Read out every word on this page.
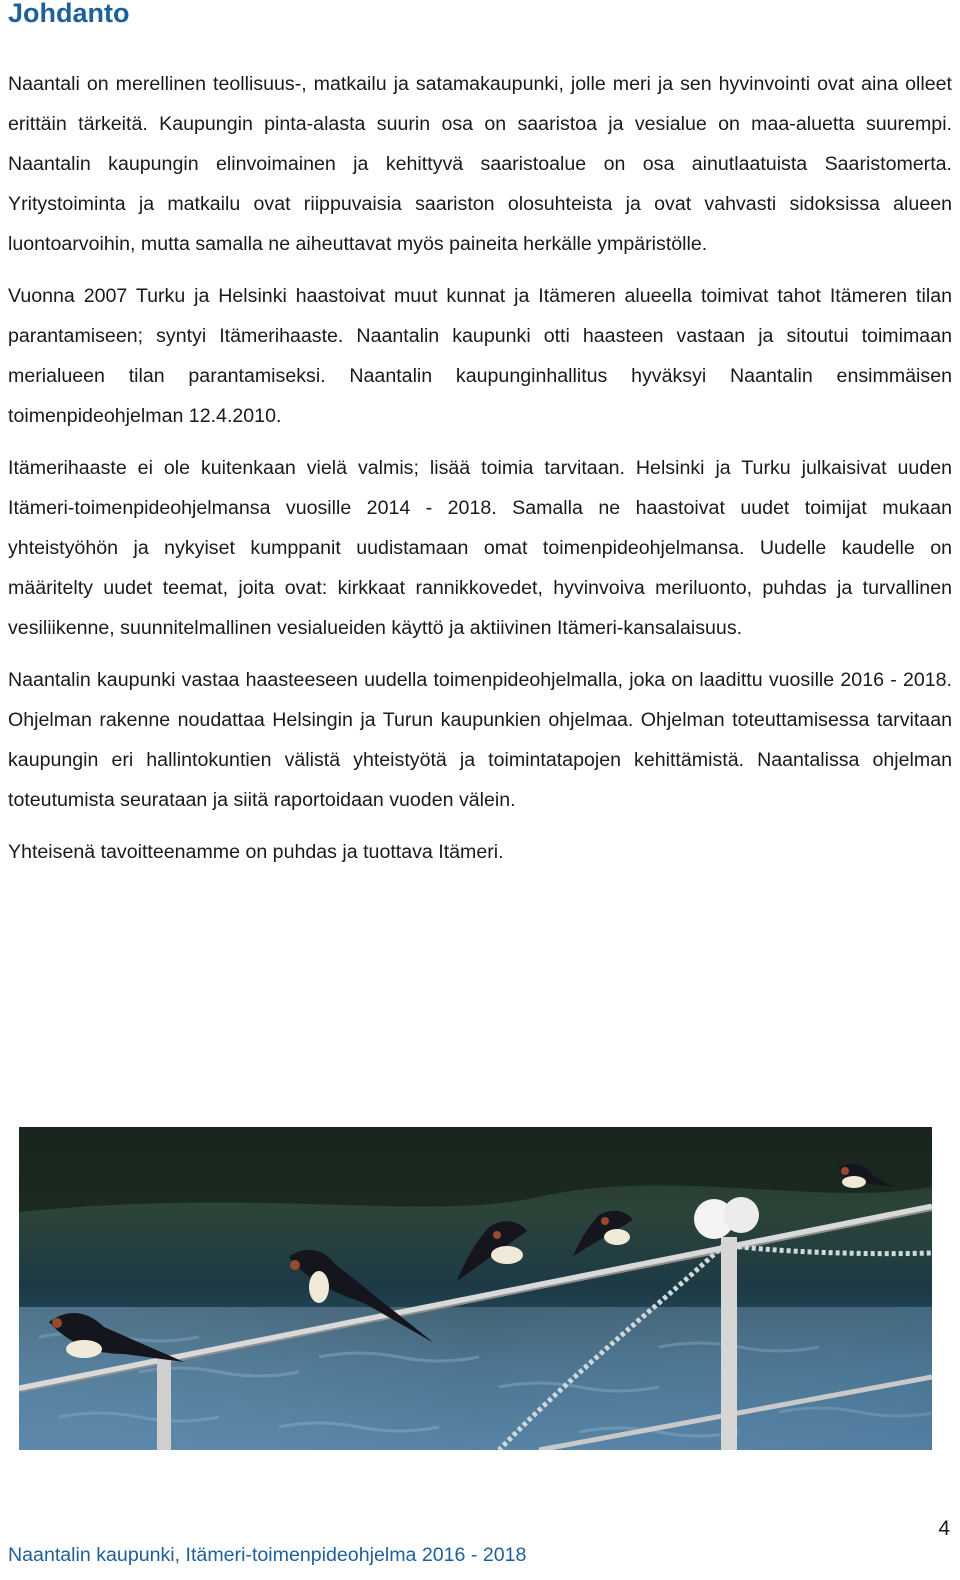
Johdanto

Naantali on merellinen teollisuus-, matkailu ja satamakaupunki, jolle meri ja sen hyvinvointi ovat aina olleet erittäin tärkeitä. Kaupungin pinta-alasta suurin osa on saaristoa ja vesialue on maa-aluetta suurempi. Naantalin kaupungin elinvoimainen ja kehittyvä saaristoalue on osa ainutlaatuista Saaristomerta. Yritystoiminta ja matkailu ovat riippuvaisia saariston olosuhteista ja ovat vahvasti sidoksissa alueen luontoarvoihin, mutta samalla ne aiheuttavat myös paineita herkälle ympäristölle.

Vuonna 2007 Turku ja Helsinki haastoivat muut kunnat ja Itämeren alueella toimivat tahot Itämeren tilan parantamiseen; syntyi Itämerihaaste. Naantalin kaupunki otti haasteen vastaan ja sitoutui toimimaan merialueen tilan parantamiseksi. Naantalin kaupunginhallitus hyväksyi Naantalin ensimmäisen toimenpideohjelman 12.4.2010.

Itämerihaaste ei ole kuitenkaan vielä valmis; lisää toimia tarvitaan. Helsinki ja Turku julkaisivat uuden Itämeri-toimenpideohjelmansa vuosille 2014 - 2018. Samalla ne haastoivat uudet toimijat mukaan yhteistyöhön ja nykyiset kumppanit uudistamaan omat toimenpideohjelmansa. Uudelle kaudelle on määritelty uudet teemat, joita ovat: kirkkaat rannikkovedet, hyvinvoiva meriluonto, puhdas ja turvallinen vesiliikenne, suunnitelmallinen vesialueiden käyttö ja aktiivinen Itämeri-kansalaisuus.

Naantalin kaupunki vastaa haasteeseen uudella toimenpideohjelmalla, joka on laadittu vuosille 2016 - 2018. Ohjelman rakenne noudattaa Helsingin ja Turun kaupunkien ohjelmaa. Ohjelman toteuttamisessa tarvitaan kaupungin eri hallintokuntien välistä yhteistyötä ja toimintatapojen kehittämistä. Naantalissa ohjelman toteutumista seurataan ja siitä raportoidaan vuoden välein.

Yhteisenä tavoitteenamme on puhdas ja tuottava Itämeri.

4
Naantalin kaupunki, Itämeri-toimenpideohjelma 2016 - 2018
